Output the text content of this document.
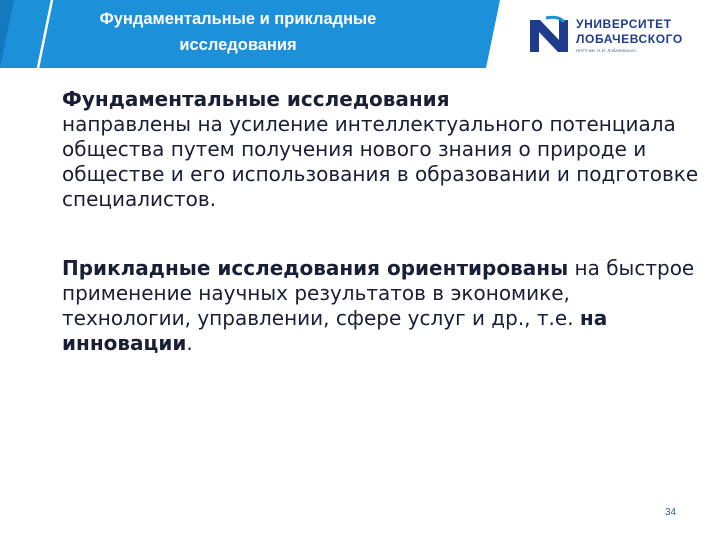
Фундаментальные и прикладные
исследования
УНИВЕРСИТЕТ
ЛОБАЧЕВСКОГО
ННГУ им. Н.И. Лобачевского

Фундаментальные исследования
направлены на усиление интеллектуального потенциала общества путем получения нового знания о природе и обществе и его использования в образовании и подготовке специалистов.

Прикладные исследования ориентированы на быстрое применение научных результатов в экономике, технологии, управлении, сфере услуг и др., т.е. на инновации.

34
